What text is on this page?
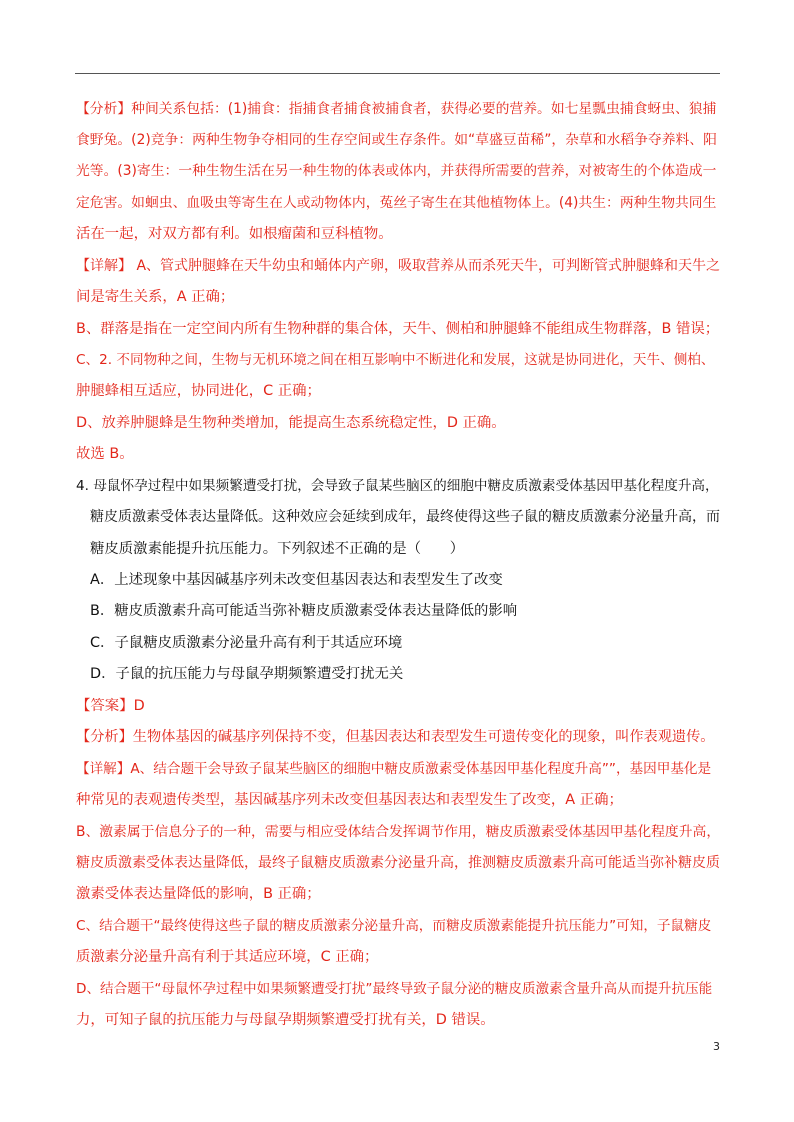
【分析】种间关系包括：(1)捕食：指捕食者捕食被捕食者，获得必要的营养。如七星瓢虫捕食蚜虫、狼捕
食野兔。(2)竞争：两种生物争夺相同的生存空间或生存条件。如“草盛豆苗稀”，杂草和水稻争夺养料、阳
光等。(3)寄生：一种生物生活在另一种生物的体表或体内，并获得所需要的营养，对被寄生的个体造成一
定危害。如蛔虫、血吸虫等寄生在人或动物体内，菟丝子寄生在其他植物体上。(4)共生：两种生物共同生
活在一起，对双方都有利。如根瘤菌和豆科植物。
【详解】 A、管式肿腿蜂在天牛幼虫和蛹体内产卵，吸取营养从而杀死天牛，可判断管式肿腿蜂和天牛之
间是寄生关系，A 正确；
B、群落是指在一定空间内所有生物种群的集合体，天牛、侧柏和肿腿蜂不能组成生物群落，B 错误；
C、2. 不同物种之间，生物与无机环境之间在相互影响中不断进化和发展，这就是协同进化，天牛、侧柏、
肿腿蜂相互适应，协同进化，C 正确；
D、放养肿腿蜂是生物种类增加，能提高生态系统稳定性，D 正确。
故选 B。
4. 母鼠怀孕过程中如果频繁遭受打扰，会导致子鼠某些脑区的细胞中糖皮质激素受体基因甲基化程度升高，
糖皮质激素受体表达量降低。这种效应会延续到成年，最终使得这些子鼠的糖皮质激素分泌量升高，而
糖皮质激素能提升抗压能力。下列叙述不正确的是（　　）
A．上述现象中基因碱基序列未改变但基因表达和表型发生了改变
B．糖皮质激素升高可能适当弥补糖皮质激素受体表达量降低的影响
C．子鼠糖皮质激素分泌量升高有利于其适应环境
D．子鼠的抗压能力与母鼠孕期频繁遭受打扰无关
【答案】D
【分析】生物体基因的碱基序列保持不变，但基因表达和表型发生可遗传变化的现象，叫作表观遗传。
【详解】A、结合题干会导致子鼠某些脑区的细胞中糖皮质激素受体基因甲基化程度升高””，基因甲基化是
种常见的表观遗传类型，基因碱基序列未改变但基因表达和表型发生了改变，A 正确；
B、激素属于信息分子的一种，需要与相应受体结合发挥调节作用，糖皮质激素受体基因甲基化程度升高，
糖皮质激素受体表达量降低，最终子鼠糖皮质激素分泌量升高，推测糖皮质激素升高可能适当弥补糖皮质
激素受体表达量降低的影响，B 正确；
C、结合题干“最终使得这些子鼠的糖皮质激素分泌量升高，而糖皮质激素能提升抗压能力”可知，子鼠糖皮
质激素分泌量升高有利于其适应环境，C 正确；
D、结合题干“母鼠怀孕过程中如果频繁遭受打扰”最终导致子鼠分泌的糖皮质激素含量升高从而提升抗压能
力，可知子鼠的抗压能力与母鼠孕期频繁遭受打扰有关，D 错误。
3
